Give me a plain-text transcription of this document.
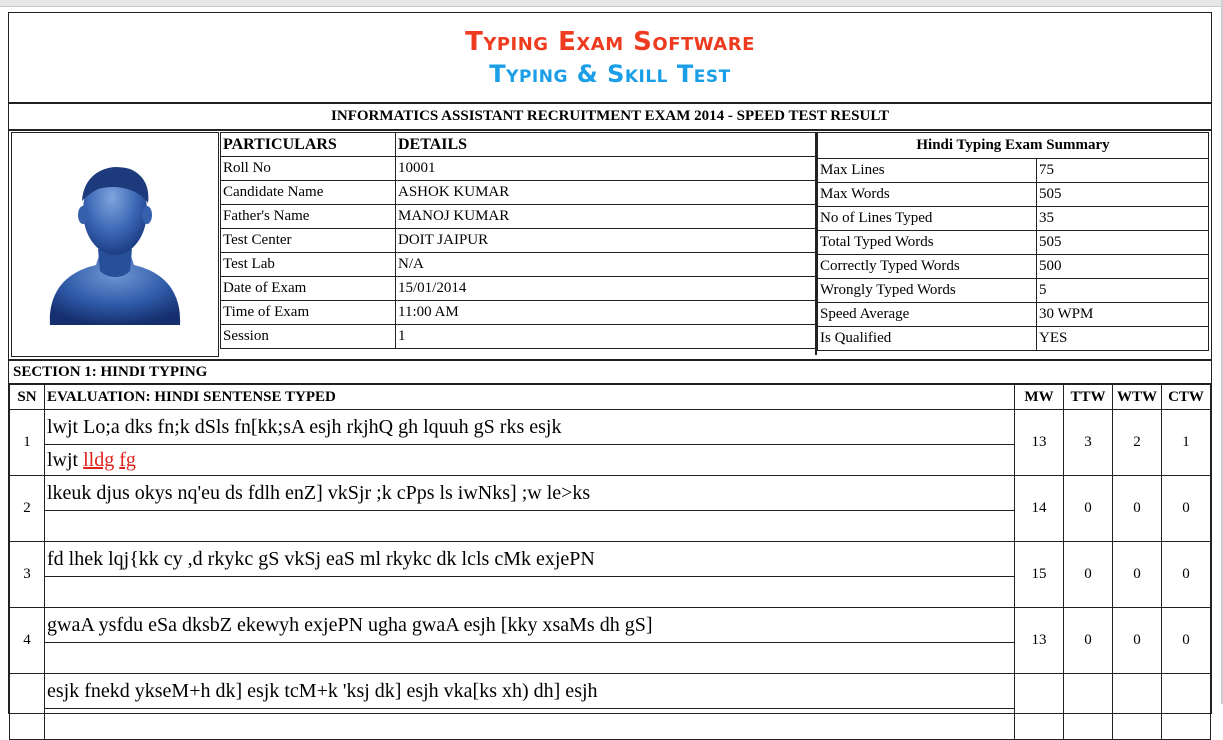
Typing Exam Software
Typing & Skill Test
INFORMATICS ASSISTANT RECRUITMENT EXAM 2014 - SPEED TEST RESULT
PARTICULARS	DETAILS
Roll No	10001
Candidate Name	ASHOK KUMAR
Father's Name	MANOJ KUMAR
Test Center	DOIT JAIPUR
Test Lab	N/A
Date of Exam	15/01/2014
Time of Exam	11:00 AM
Session	1
Hindi Typing Exam Summary	
Max Lines	75
Max Words	505
No of Lines Typed	35
Total Typed Words	505
Correctly Typed Words	500
Wrongly Typed Words	5
Speed Average	30 WPM
Is Qualified	YES
SECTION 1: HINDI TYPING
SN	EVALUATION: HINDI SENTENSE TYPED	MW	TTW	WTW	CTW
1	lwjt Lo;a dks fn;k dSls fn[kk;sA esjh rkjhQ gh lquuh gS rks esjk
lwjt lldg fg	13	3	2	1
2	lkeuk djus okys nq'eu ds fdlh enZ] vkSjr ;k cPps ls iwNks] ;w le>ks	14	0	0	0
3	fd lhek lqj{kk cy ,d rkykc gS vkSj eaS ml rkykc dk lcls cMk exjePN	15	0	0	0
4	gwaA ysfdu eSa dksbZ ekewyh exjePN ugha gwaA esjh [kky xsaMs dh gS]	13	0	0	0

	esjk fnekd ykseM+h dk] esjk tcM+k 'ksj dk] esjh vka[ks xh) dh] esjh				
